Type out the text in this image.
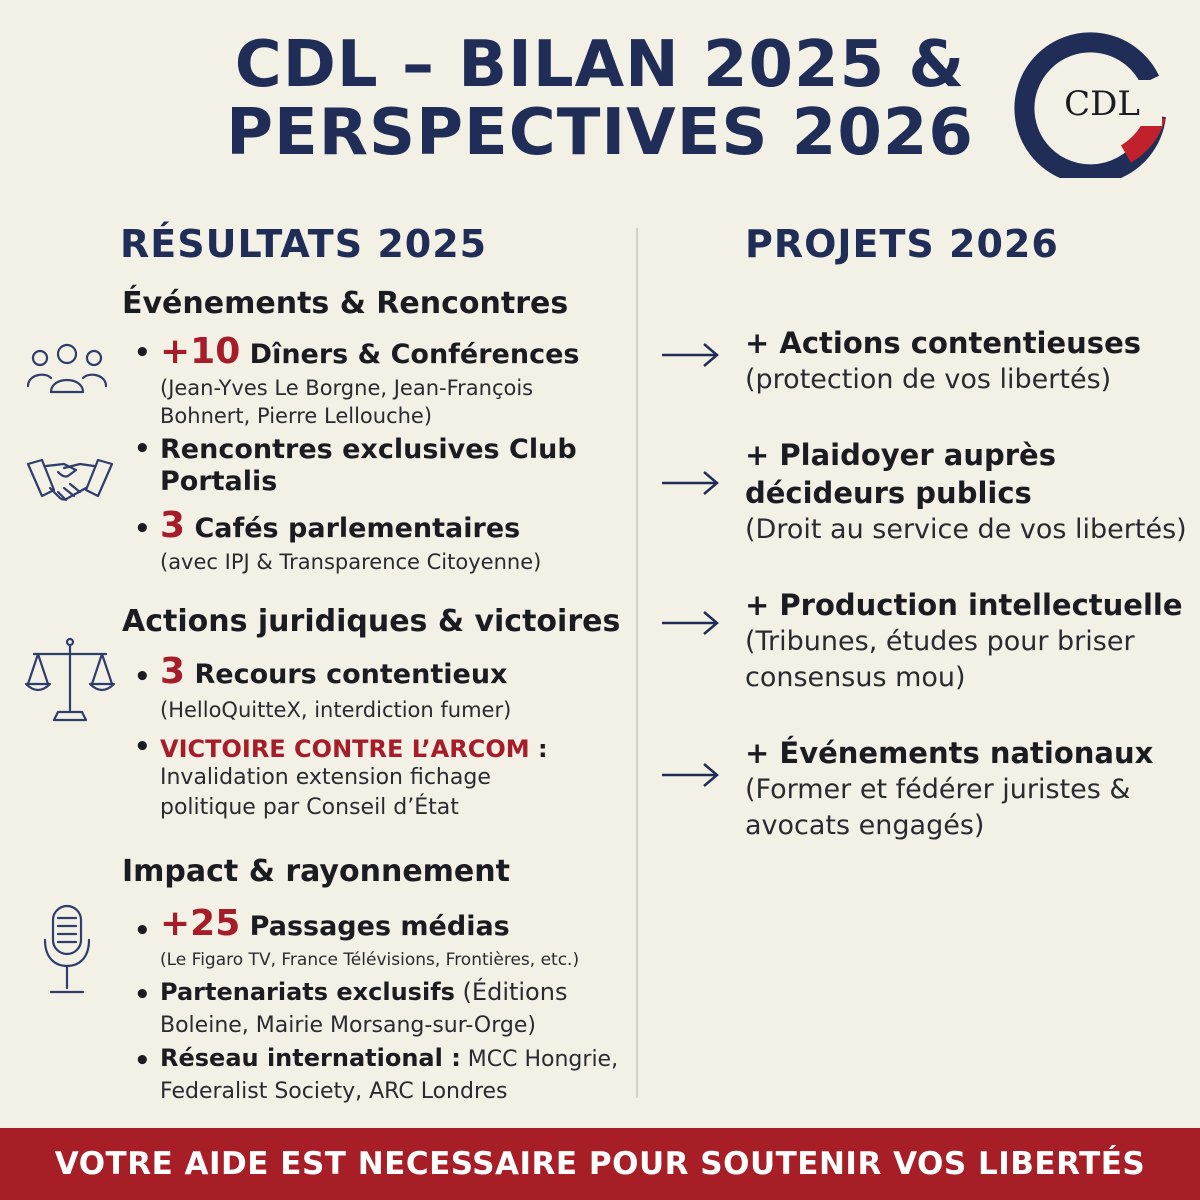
CDL – BILAN 2025 &
PERSPECTIVES 2026	CDL
RÉSULTATS 2025	PROJETS 2026
Événements & Rencontres
• +10 Dîners & Conférences
(Jean-Yves Le Borgne, Jean-François
Bohnert, Pierre Lellouche)
• Rencontres exclusives Club
Portalis
• 3 Cafés parlementaires
(avec IPJ & Transparence Citoyenne)
Actions juridiques & victoires
• 3 Recours contentieux
(HelloQuitteX, interdiction fumer)
• VICTOIRE CONTRE L’ARCOM :
Invalidation extension fichage
politique par Conseil d’État
Impact & rayonnement
• +25 Passages médias
(Le Figaro TV, France Télévisions, Frontières, etc.)
• Partenariats exclusifs (Éditions
Boleine, Mairie Morsang-sur-Orge)
• Réseau international : MCC Hongrie,
Federalist Society, ARC Londres
+ Actions contentieuses
(protection de vos libertés)
+ Plaidoyer auprès
décideurs publics
(Droit au service de vos libertés)
+ Production intellectuelle
(Tribunes, études pour briser
consensus mou)
+ Événements nationaux
(Former et fédérer juristes &
avocats engagés)
VOTRE AIDE EST NECESSAIRE POUR SOUTENIR VOS LIBERTÉS
